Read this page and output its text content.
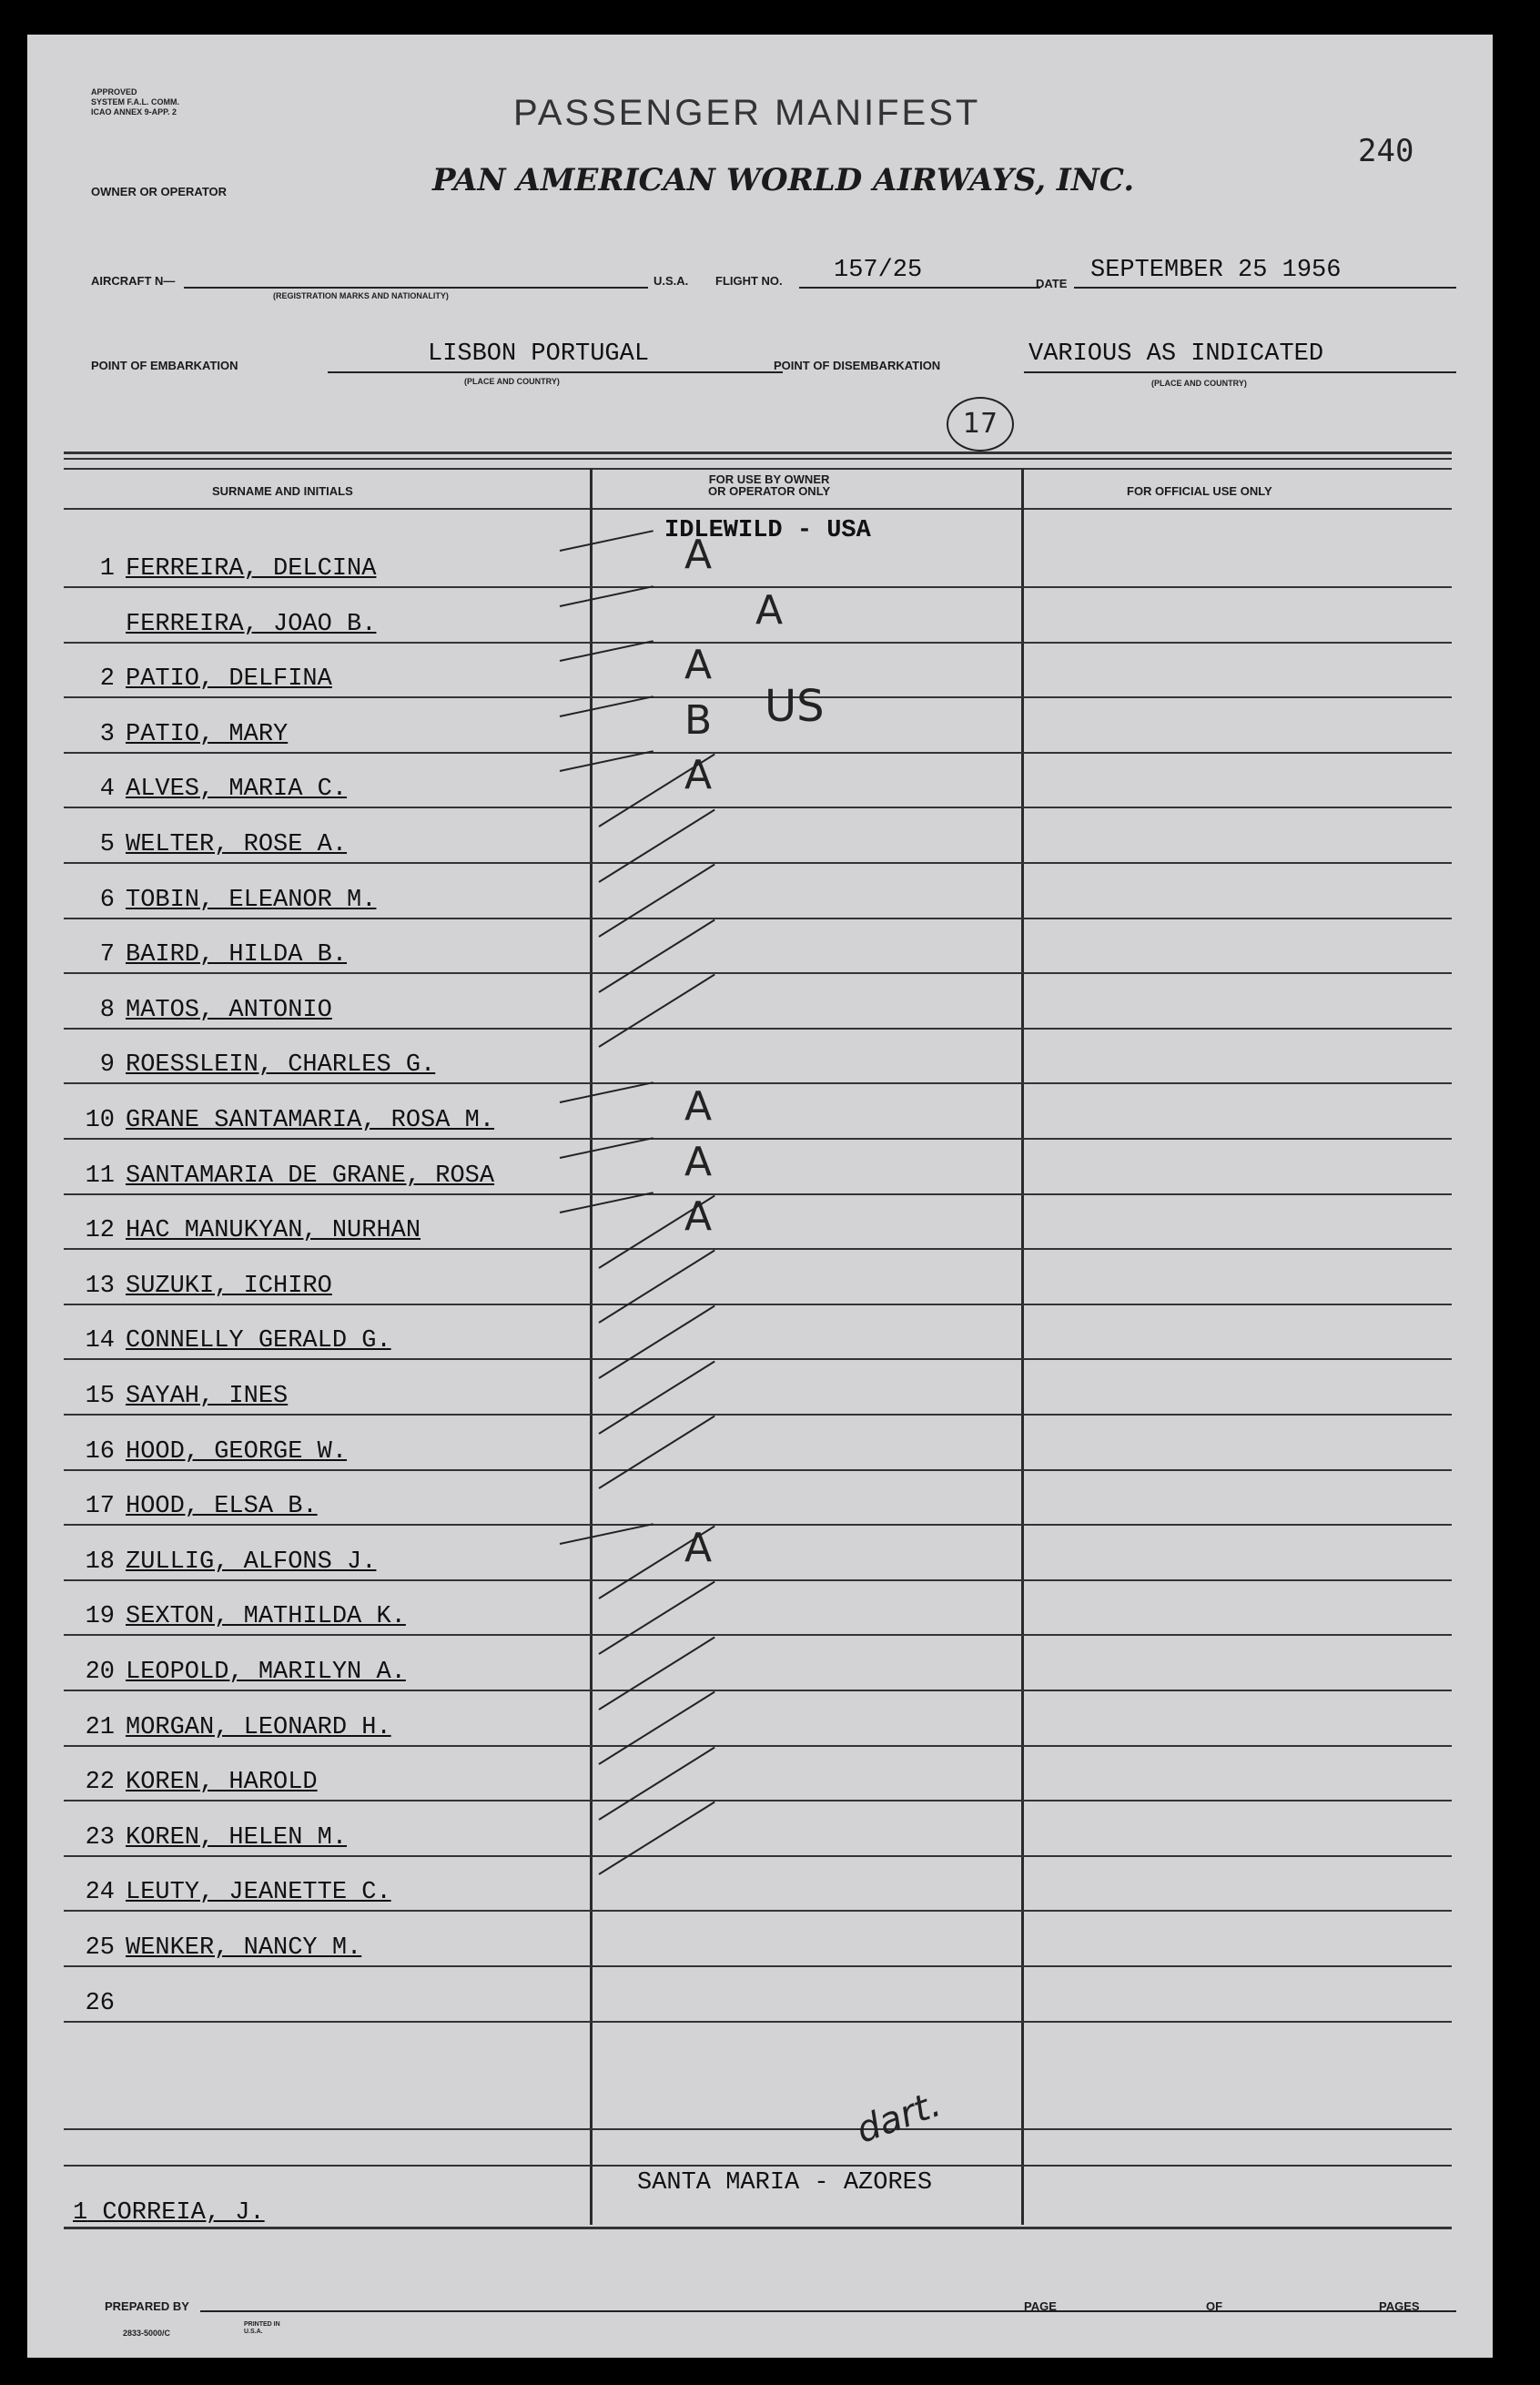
APPROVED
SYSTEM F.A.L. COMM.
ICAO ANNEX 9-APP. 2	PASSENGER MANIFEST
240
OWNER OR OPERATOR	PAN AMERICAN WORLD AIRWAYS, INC.
AIRCRAFT N—
(REGISTRATION MARKS AND NATIONALITY)
U.S.A. FLIGHT NO. 157/25	DATE SEPTEMBER 25 1956
POINT OF EMBARKATION	LISBON PORTUGAL
(PLACE AND COUNTRY)
POINT OF DISEMBARKATION	VARIOUS AS INDICATED
(PLACE AND COUNTRY)
17
SURNAME AND INITIALS
FOR USE BY OWNER
OR OPERATOR ONLY	FOR OFFICIAL USE ONLY
IDLEWILD - USA
1 FERREIRA, DELCINA	A
FERREIRA, JOAO B.	A
2 PATIO, DELFINA	A
3 PATIO, MARY	B
4 ALVES, MARIA C.	A
5 WELTER, ROSE A.
6 TOBIN, ELEANOR M.
7 BAIRD, HILDA B.
8 MATOS, ANTONIO
9 ROESSLEIN, CHARLES G.
10 GRANE SANTAMARIA, ROSA M.	A
11 SANTAMARIA DE GRANE, ROSA	A
12 HAC MANUKYAN, NURHAN	A
13 SUZUKI, ICHIRO
14 CONNELLY GERALD G.
15 SAYAH, INES
16 HOOD, GEORGE W.
17 HOOD, ELSA B.
18 ZULLIG, ALFONS J.	A
19 SEXTON, MATHILDA K.
20 LEOPOLD, MARILYN A.
21 MORGAN, LEONARD H.
22 KOREN, HAROLD
23 KOREN, HELEN M.
24 LEUTY, JEANETTE C.
25 WENKER, NANCY M.
26
US
dart.
SANTA MARIA - AZORES
1 CORREIA, J.
PREPARED BY	PAGE	OF	PAGES
2833-5000/C
PRINTED IN U.S.A.
